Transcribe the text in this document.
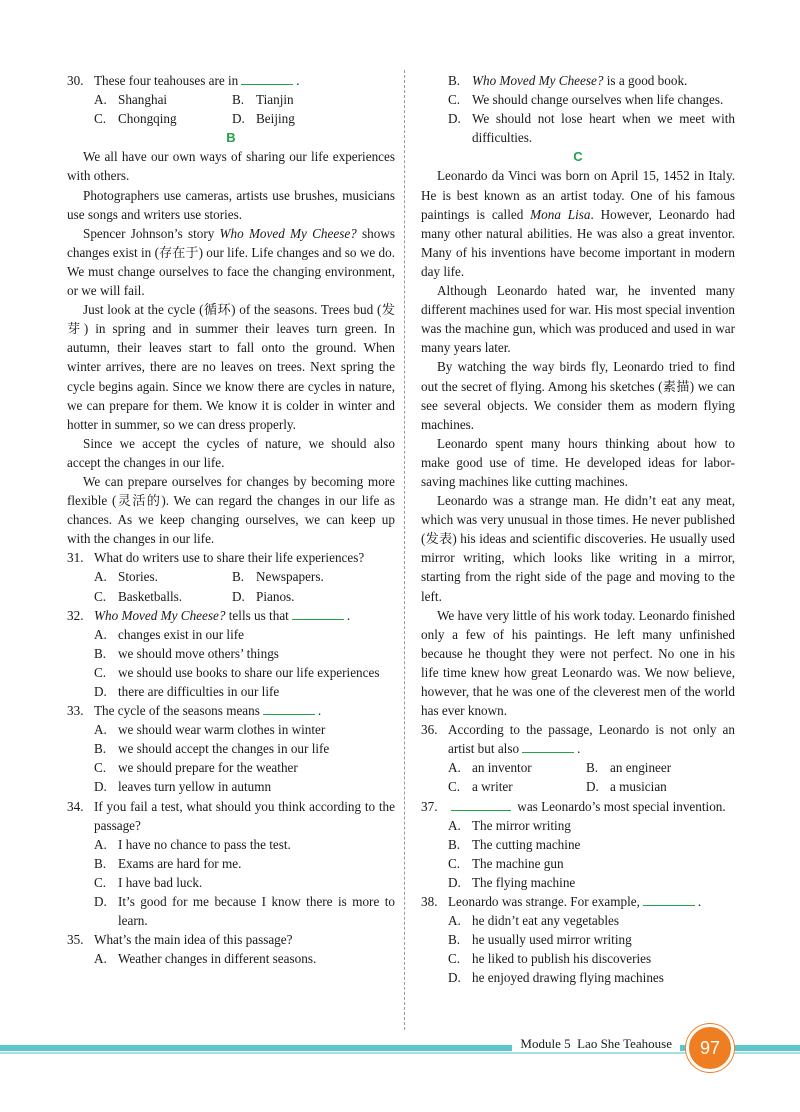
30. These four teahouses are in	.
A. Shanghai	B. Tianjin
C. Chongqing	D. Beijing
B
We all have our own ways of sharing our life experiences with others.
Photographers use cameras, artists use brushes, musicians use songs and writers use stories.
Spencer Johnson’s story Who Moved My Cheese? shows changes exist in (存在于) our life. Life changes and so we do. We must change ourselves to face the changing environment, or we will fail.
Just look at the cycle (循环) of the seasons. Trees bud (发芽) in spring and in summer their leaves turn green. In autumn, their leaves start to fall onto the ground. When winter arrives, there are no leaves on trees. Next spring the cycle begins again. Since we know there are cycles in nature, we can prepare for them. We know it is colder in winter and hotter in summer, so we can dress properly.
Since we accept the cycles of nature, we should also accept the changes in our life.
We can prepare ourselves for changes by becoming more flexible (灵活的). We can regard the changes in our life as chances. As we keep changing ourselves, we can keep up with the changes in our life.
31. What do writers use to share their life experiences?
A. Stories.	B. Newspapers.
C. Basketballs.	D. Pianos.
32. Who Moved My Cheese? tells us that	.
A. changes exist in our life
B. we should move others’ things
C. we should use books to share our life experiences
D. there are difficulties in our life
33. The cycle of the seasons means	.
A. we should wear warm clothes in winter
B. we should accept the changes in our life
C. we should prepare for the weather
D. leaves turn yellow in autumn
34. If you fail a test, what should you think according to the passage?
A. I have no chance to pass the test.
B. Exams are hard for me.
C. I have bad luck.
D. It’s good for me because I know there is more to learn.
35. What’s the main idea of this passage?
A. Weather changes in different seasons.
B. Who Moved My Cheese? is a good book.
C. We should change ourselves when life changes.
D. We should not lose heart when we meet with difficulties.
C
Leonardo da Vinci was born on April 15, 1452 in Italy. He is best known as an artist today. One of his famous paintings is called Mona Lisa. However, Leonardo had many other natural abilities. He was also a great inventor. Many of his inventions have become important in modern day life.
Although Leonardo hated war, he invented many different machines used for war. His most special invention was the machine gun, which was produced and used in war many years later.
By watching the way birds fly, Leonardo tried to find out the secret of flying. Among his sketches (素描) we can see several objects. We consider them as modern flying machines.
Leonardo spent many hours thinking about how to make good use of time. He developed ideas for labor-saving machines like cutting machines.
Leonardo was a strange man. He didn’t eat any meat, which was very unusual in those times. He never published (发表) his ideas and scientific discoveries. He usually used mirror writing, which looks like writing in a mirror, starting from the right side of the page and moving to the left.
We have very little of his work today. Leonardo finished only a few of his paintings. He left many unfinished because he thought they were not perfect. No one in his life time knew how great Leonardo was. We now believe, however, that he was one of the cleverest men of the world has ever known.
36. According to the passage, Leonardo is not only an artist but also	.
A. an inventor	B. an engineer
C. a writer	D. a musician
37.	was Leonardo’s most special invention.
A. The mirror writing
B. The cutting machine
C. The machine gun
D. The flying machine
38. Leonardo was strange. For example,	.
A. he didn’t eat any vegetables
B. he usually used mirror writing
C. he liked to publish his discoveries
D. he enjoyed drawing flying machines
Module 5 Lao She Teahouse	97
